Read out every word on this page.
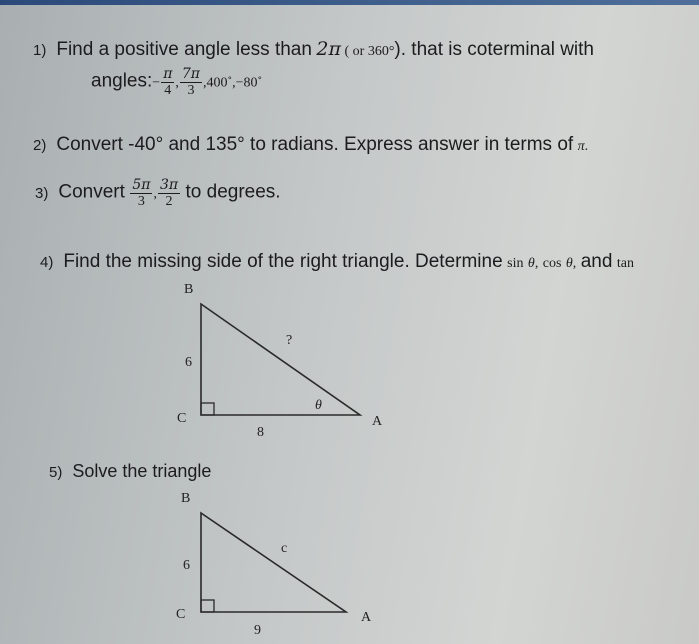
1) Find a positive angle less than 2π ( or 360°). that is coterminal with
angles:− $\frac{\pi}{4}$ , $\frac{7\pi}{3}$ ,400˚,−80˚
2) Convert -40° and 135° to radians. Express answer in terms of π.
3) Convert $\frac{5\pi}{3}$ , $\frac{3\pi}{2}$ to degrees.
4) Find the missing side of the right triangle. Determine sin θ, cos θ, and tan
B
6
?
θ
C	A
8
5) Solve the triangle
B
c
6
C	A
9
